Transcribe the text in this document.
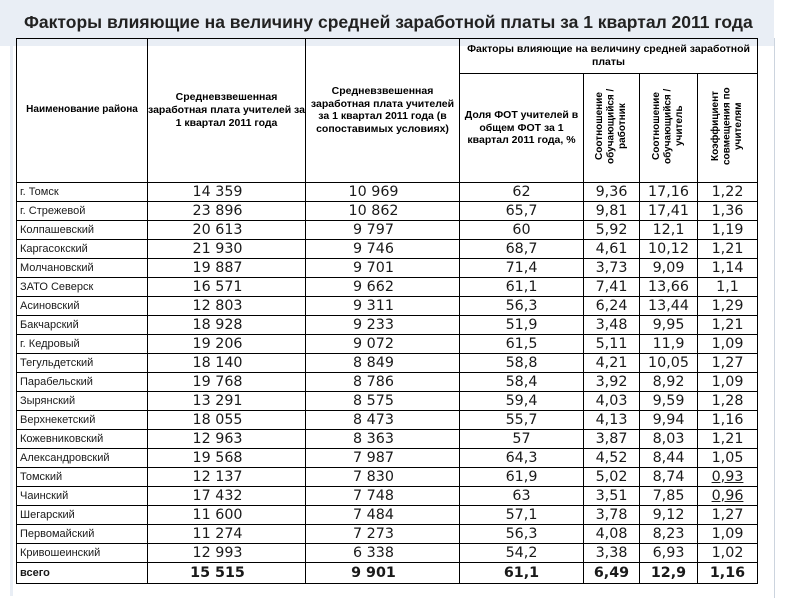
Факторы влияющие на величину средней заработной платы за 1 квартал 2011 года
Наименование района	Средневзвешенная заработная плата учителей за 1 квартал 2011 года	Средневзвешенная заработная плата учителей за 1 квартал 2011 года (в сопоставимых условиях)	Факторы влияющие на величину средней заработной платы			
			Доля ФОТ учителей в общем ФОТ за 1 квартал 2011 года, %	Соотношение обучающийся / работник	Соотношение обучающийся / учитель	Коэффициент совмещения по учителям
г. Томск	14 359	10 969	62	9,36	17,16	1,22
г. Стрежевой	23 896	10 862	65,7	9,81	17,41	1,36
Колпашевский	20 613	9 797	60	5,92	12,1	1,19
Каргасокский	21 930	9 746	68,7	4,61	10,12	1,21
Молчановский	19 887	9 701	71,4	3,73	9,09	1,14
ЗАТО Северск	16 571	9 662	61,1	7,41	13,66	1,1
Асиновский	12 803	9 311	56,3	6,24	13,44	1,29
Бакчарский	18 928	9 233	51,9	3,48	9,95	1,21
г. Кедровый	19 206	9 072	61,5	5,11	11,9	1,09
Тегульдетский	18 140	8 849	58,8	4,21	10,05	1,27
Парабельский	19 768	8 786	58,4	3,92	8,92	1,09
Зырянский	13 291	8 575	59,4	4,03	9,59	1,28
Верхнекетский	18 055	8 473	55,7	4,13	9,94	1,16
Кожевниковский	12 963	8 363	57	3,87	8,03	1,21
Александровский	19 568	7 987	64,3	4,52	8,44	1,05
Томский	12 137	7 830	61,9	5,02	8,74	0,93
Чаинский	17 432	7 748	63	3,51	7,85	0,96
Шегарский	11 600	7 484	57,1	3,78	9,12	1,27
Первомайский	11 274	7 273	56,3	4,08	8,23	1,09
Кривошеинский	12 993	6 338	54,2	3,38	6,93	1,02
всего	15 515	9 901	61,1	6,49	12,9	1,16
